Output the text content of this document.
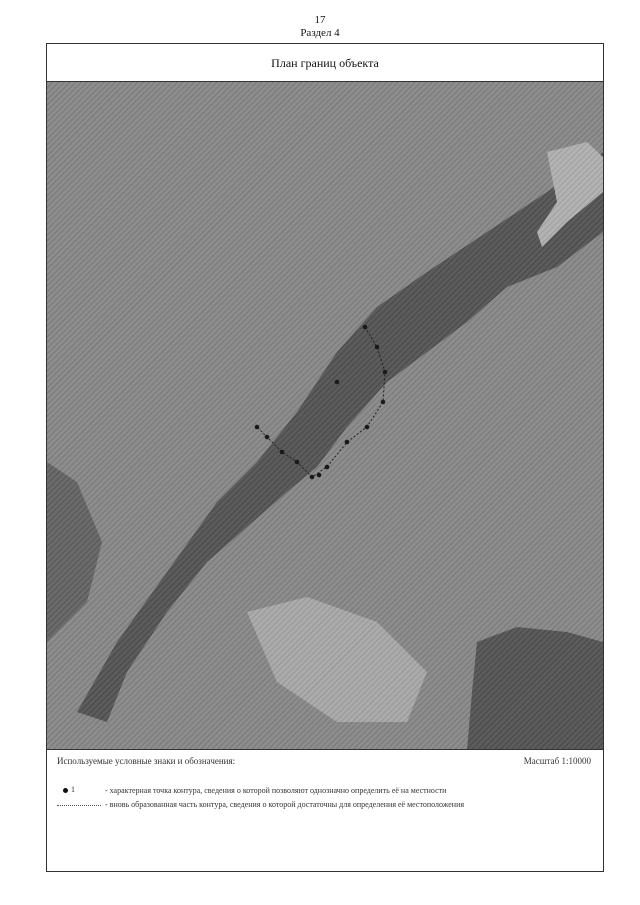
17
Раздел 4
План границ объекта
Используемые условные знаки и обозначения:	Масштаб 1:10000
1	- характерная точка контура, сведения о которой позволяют однозначно определить её на местности
- вновь образованная часть контура, сведения о которой достаточны для определения её местоположения
